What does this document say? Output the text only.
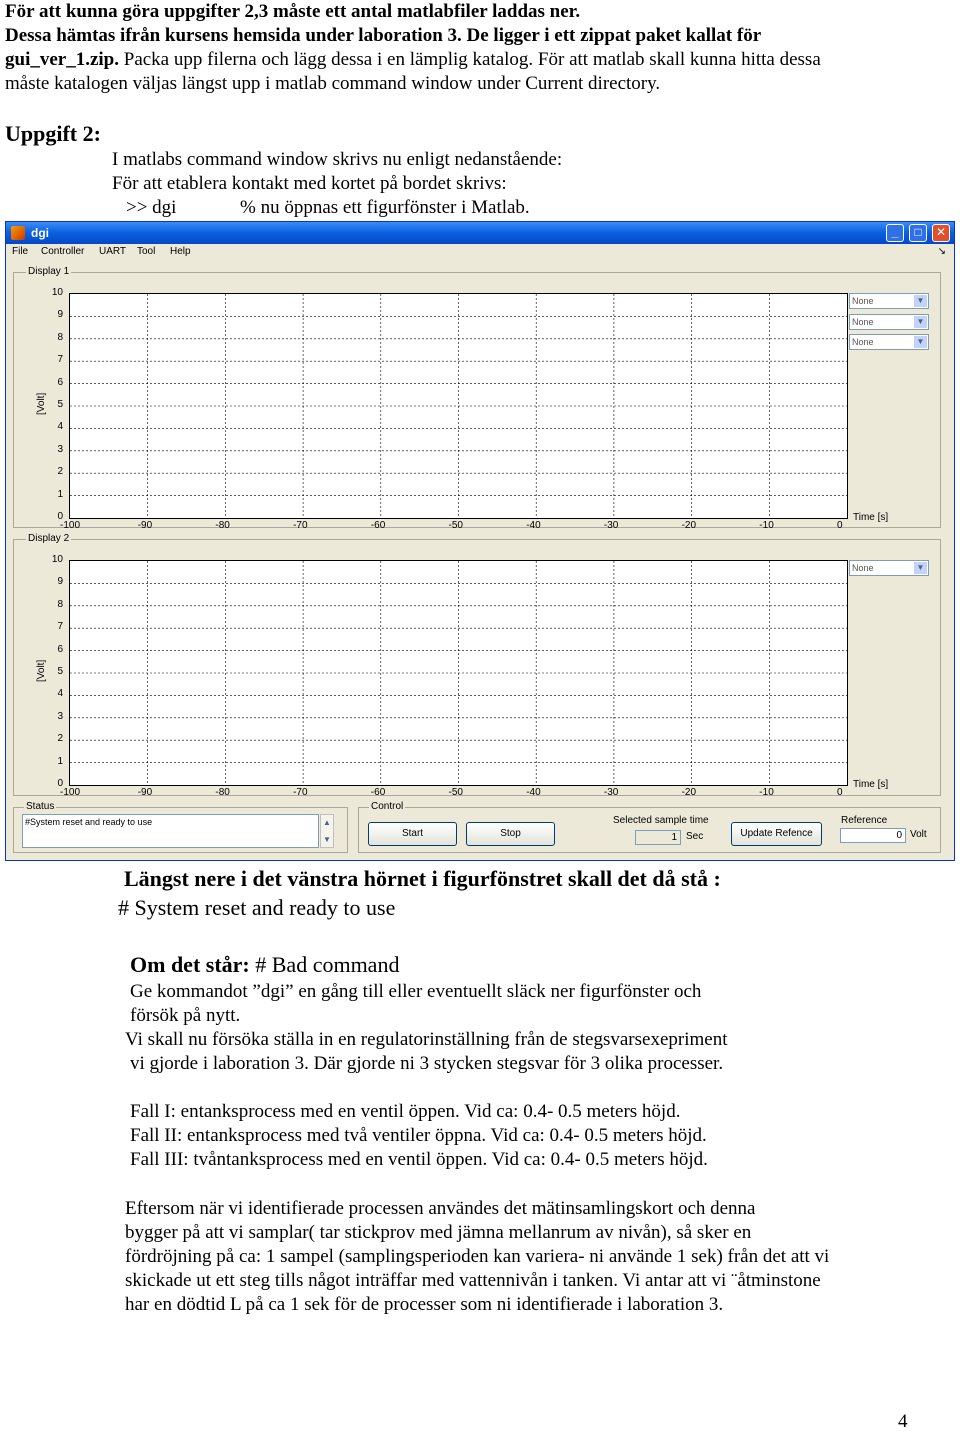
För att kunna göra uppgifter 2,3 måste ett antal matlabfiler laddas ner.
Dessa hämtas ifrån kursens hemsida under laboration 3. De ligger i ett zippat paket kallat för
gui_ver_1.zip. Packa upp filerna och lägg dessa i en lämplig katalog. För att matlab skall kunna hitta dessa
måste katalogen väljas längst upp i matlab command window under Current directory.
Uppgift 2:
I matlabs command window skrivs nu enligt nedanstående:
För att etablera kontakt med kortet på bordet skrivs:
>> dgi	% nu öppnas ett figurfönster i Matlab.
dgi	_	□	✕
File Controller UART Tool Help	↘
Display 1
[Volt]
10
9
8
7
6
5
4
3
2
1
0
-100	-90	-80	-70	-60	-50	-40	-30	-20	-10	0
Time [s]
None	▼
None	▼
None	▼
Display 2
[Volt]
10
9
8
7
6
5
4
3
2
1
0
-100	-90	-80	-70	-60	-50	-40	-30	-20	-10	0
Time [s]
None	▼
Status
#System reset and ready to use	▲
▼
Control
Start	Stop
Selected sample time
1 Sec	Update Refence
Reference
0 Volt
Längst nere i det vänstra hörnet i figurfönstret skall det då stå :
# System reset and ready to use
Om det står: # Bad command
Ge kommandot ”dgi” en gång till eller eventuellt släck ner figurfönster och
försök på nytt.
Vi skall nu försöka ställa in en regulatorinställning från de stegsvarsexepriment
vi gjorde i laboration 3. Där gjorde ni 3 stycken stegsvar för 3 olika processer.
Fall I: entanksprocess med en ventil öppen. Vid ca: 0.4- 0.5 meters höjd.
Fall II: entanksprocess med två ventiler öppna. Vid ca: 0.4- 0.5 meters höjd.
Fall III: tvåntanksprocess med en ventil öppen. Vid ca: 0.4- 0.5 meters höjd.
Eftersom när vi identifierade processen användes det mätinsamlingskort och denna
bygger på att vi samplar( tar stickprov med jämna mellanrum av nivån), så sker en
fördröjning på ca: 1 sampel (samplingsperioden kan variera- ni använde 1 sek) från det att vi
skickade ut ett steg tills något inträffar med vattennivån i tanken. Vi antar att vi ¨åtminstone
har en dödtid L på ca 1 sek för de processer som ni identifierade i laboration 3.
4
